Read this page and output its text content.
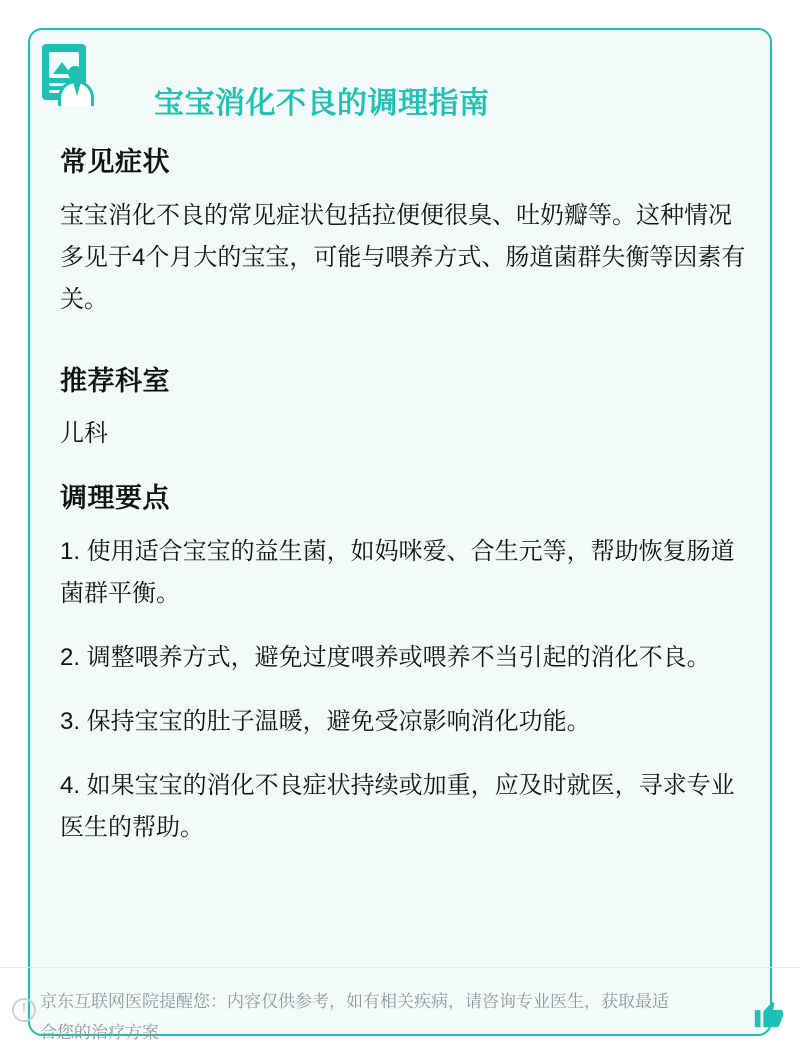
宝宝消化不良的调理指南
常见症状

宝宝消化不良的常见症状包括拉便便很臭、吐奶瓣等。这种情况多见于4个月大的宝宝，可能与喂养方式、肠道菌群失衡等因素有关。

推荐科室
儿科
调理要点
1. 使用适合宝宝的益生菌，如妈咪爱、合生元等，帮助恢复肠道菌群平衡。
2. 调整喂养方式，避免过度喂养或喂养不当引起的消化不良。
3. 保持宝宝的肚子温暖，避免受凉影响消化功能。
4. 如果宝宝的消化不良症状持续或加重，应及时就医，寻求专业医生的帮助。
!
京东互联网医院提醒您：内容仅供参考，如有相关疾病，请咨询专业医生，获取最适合您的治疗方案
